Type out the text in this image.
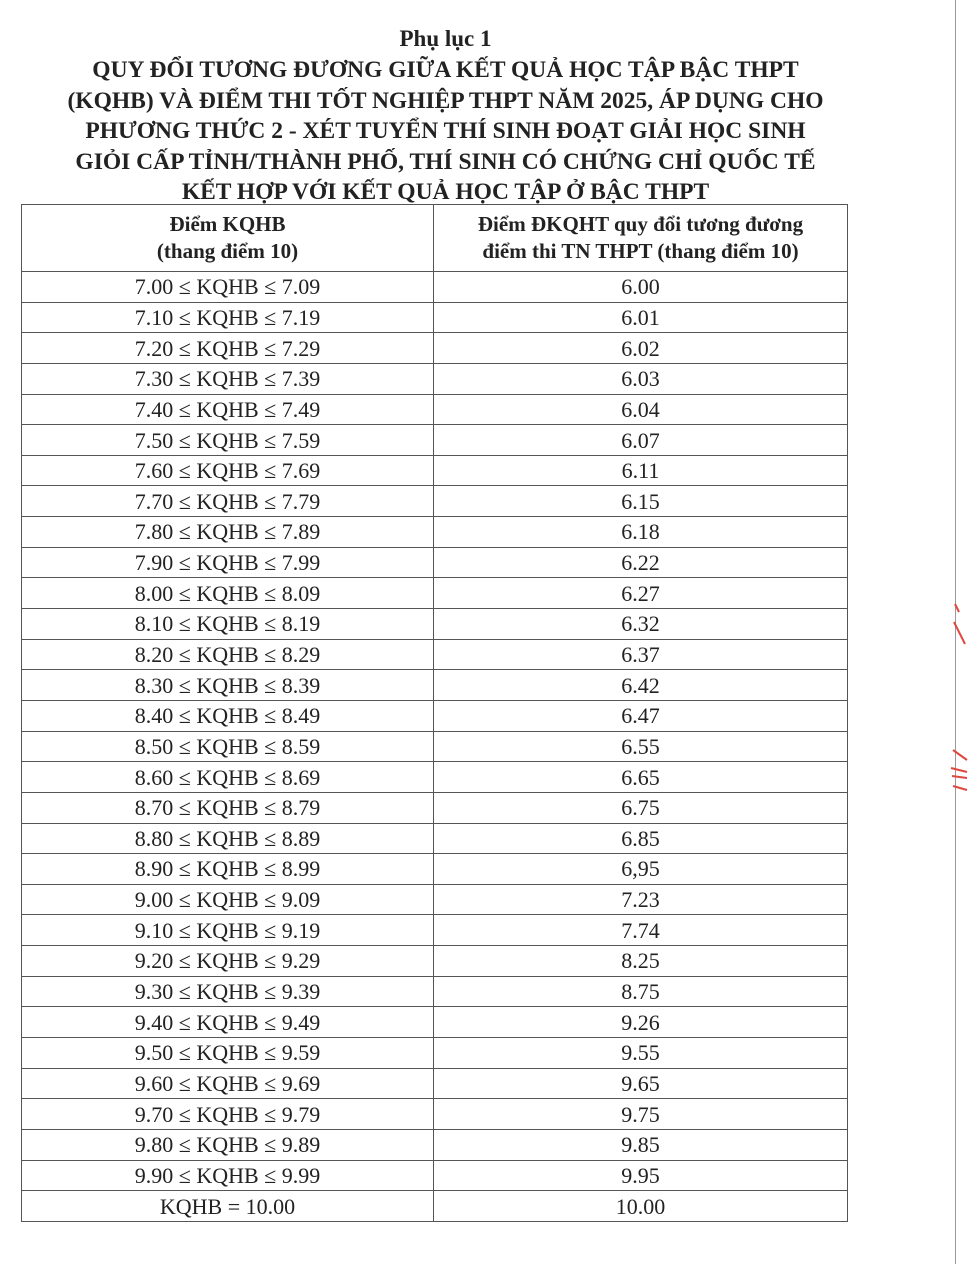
Phụ lục 1
QUY ĐỔI TƯƠNG ĐƯƠNG GIỮA KẾT QUẢ HỌC TẬP BẬC THPT
(KQHB) VÀ ĐIỂM THI TỐT NGHIỆP THPT NĂM 2025, ÁP DỤNG CHO
PHƯƠNG THỨC 2 - XÉT TUYỂN THÍ SINH ĐOẠT GIẢI HỌC SINH
GIỎI CẤP TỈNH/THÀNH PHỐ, THÍ SINH CÓ CHỨNG CHỈ QUỐC TẾ
KẾT HỢP VỚI KẾT QUẢ HỌC TẬP Ở BẬC THPT
Điểm KQHB
(thang điểm 10)	Điểm ĐKQHT quy đổi tương đương
điểm thi TN THPT (thang điểm 10)

7.00 ≤ KQHB ≤ 7.09	6.00
7.10 ≤ KQHB ≤ 7.19	6.01
7.20 ≤ KQHB ≤ 7.29	6.02
7.30 ≤ KQHB ≤ 7.39	6.03
7.40 ≤ KQHB ≤ 7.49	6.04
7.50 ≤ KQHB ≤ 7.59	6.07
7.60 ≤ KQHB ≤ 7.69	6.11
7.70 ≤ KQHB ≤ 7.79	6.15
7.80 ≤ KQHB ≤ 7.89	6.18
7.90 ≤ KQHB ≤ 7.99	6.22
8.00 ≤ KQHB ≤ 8.09	6.27
8.10 ≤ KQHB ≤ 8.19	6.32
8.20 ≤ KQHB ≤ 8.29	6.37
8.30 ≤ KQHB ≤ 8.39	6.42
8.40 ≤ KQHB ≤ 8.49	6.47
8.50 ≤ KQHB ≤ 8.59	6.55
8.60 ≤ KQHB ≤ 8.69	6.65
8.70 ≤ KQHB ≤ 8.79	6.75
8.80 ≤ KQHB ≤ 8.89	6.85
8.90 ≤ KQHB ≤ 8.99	6,95
9.00 ≤ KQHB ≤ 9.09	7.23
9.10 ≤ KQHB ≤ 9.19	7.74
9.20 ≤ KQHB ≤ 9.29	8.25
9.30 ≤ KQHB ≤ 9.39	8.75
9.40 ≤ KQHB ≤ 9.49	9.26
9.50 ≤ KQHB ≤ 9.59	9.55
9.60 ≤ KQHB ≤ 9.69	9.65
9.70 ≤ KQHB ≤ 9.79	9.75
9.80 ≤ KQHB ≤ 9.89	9.85
9.90 ≤ KQHB ≤ 9.99	9.95
KQHB = 10.00	10.00
